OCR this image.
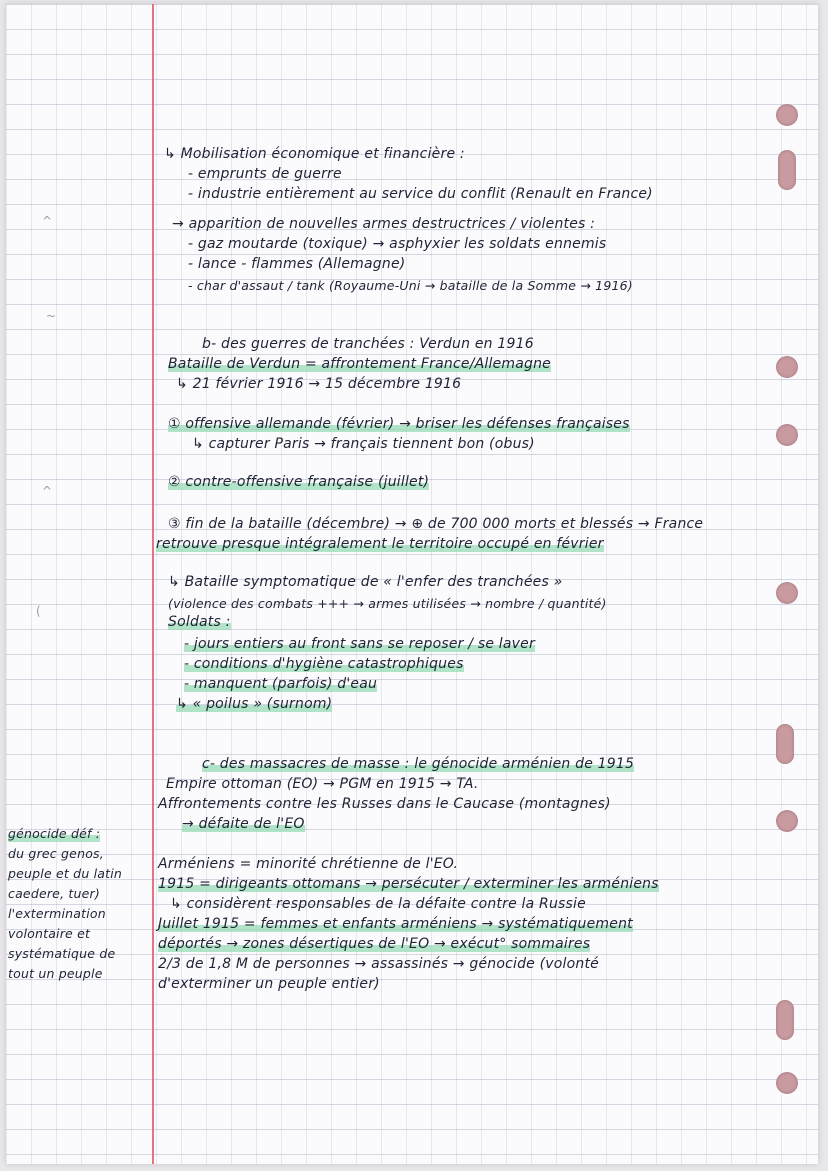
^
~
^
(
↳ Mobilisation économique et financière :
- emprunts de guerre
- industrie entièrement au service du conflit (Renault en France)
→ apparition de nouvelles armes destructrices / violentes :
- gaz moutarde (toxique) → asphyxier les soldats ennemis
- lance - flammes (Allemagne)
- char d'assaut / tank (Royaume-Uni → bataille de la Somme → 1916)
b- des guerres de tranchées : Verdun en 1916
Bataille de Verdun = affrontement France/Allemagne
↳ 21 février 1916 → 15 décembre 1916
① offensive allemande (février) → briser les défenses françaises
↳ capturer Paris → français tiennent bon (obus)
② contre-offensive française (juillet)
③ fin de la bataille (décembre) → ⊕ de 700 000 morts et blessés → France
retrouve presque intégralement le territoire occupé en février
↳ Bataille symptomatique de « l'enfer des tranchées »
(violence des combats +++ → armes utilisées → nombre / quantité)
Soldats :
- jours entiers au front sans se reposer / se laver
- conditions d'hygiène catastrophiques
- manquent (parfois) d'eau
↳ « poilus » (surnom)
c- des massacres de masse : le génocide arménien de 1915
Empire ottoman (EO) → PGM en 1915 → TA.
Affrontements contre les Russes dans le Caucase (montagnes)
→ défaite de l'EO
Arméniens = minorité chrétienne de l'EO.
1915 = dirigeants ottomans → persécuter / exterminer les arméniens
↳ considèrent responsables de la défaite contre la Russie
Juillet 1915 = femmes et enfants arméniens → systématiquement
déportés → zones désertiques de l'EO → exécut° sommaires
2/3 de 1,8 M de personnes → assassinés → génocide (volonté
d'exterminer un peuple entier)
génocide déf :
du grec genos,
peuple et du latin
caedere, tuer)
l'extermination
volontaire et
systématique de
tout un peuple
